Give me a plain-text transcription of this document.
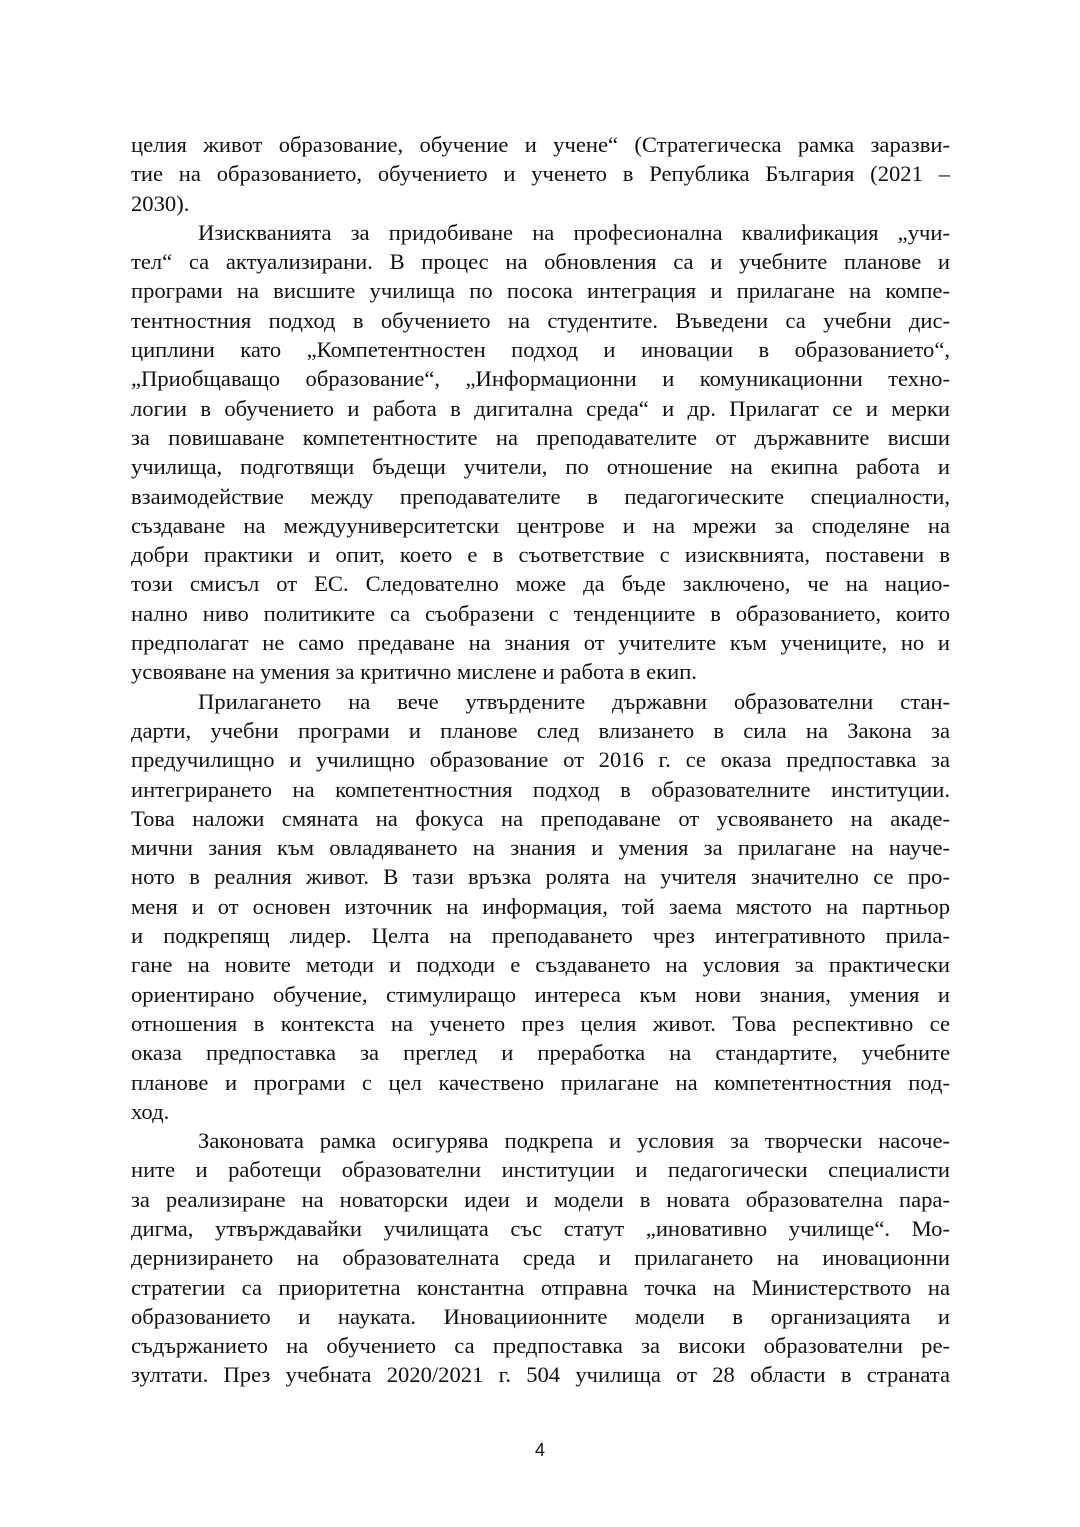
целия живот образование, обучение и учене“ (Стратегическа рамка заразви-
тие на образованието, обучението и ученето в Република България (2021 –
2030).

Изискванията за придобиване на професионална квалификация „учи-
тел“ са актуализирани. В процес на обновления са и учебните планове и
програми на висшите училища по посока интеграция и прилагане на компе-
тентностния подход в обучението на студентите. Въведени са учебни дис-
циплини като „Компетентностен подход и иновации в образованието“,
„Приобщаващо образование“, „Информационни и комуникационни техно-
логии в обучението и работа в дигитална среда“ и др. Прилагат се и мерки
за повишаване компетентностите на преподавателите от държавните висши
училища, подготвящи бъдещи учители, по отношение на екипна работа и
взаимодействие между преподавателите в педагогическите специалности,
създаване на междууниверситетски центрове и на мрежи за споделяне на
добри практики и опит, което е в съответствие с изисквнията, поставени в
този смисъл от ЕС. Следователно може да бъде заключено, че на нацио-
нално ниво политиките са съобразени с тенденциите в образованието, които
предполагат не само предаване на знания от учителите към учениците, но и
усвояване на умения за критично мислене и работа в екип.

Прилагането на вече утвърдените държавни образователни стан-
дарти, учебни програми и планове след влизането в сила на Закона за
предучилищно и училищно образование от 2016 г. се оказа предпоставка за
интегрирането на компетентностния подход в образователните институции.
Това наложи смяната на фокуса на преподаване от усвояването на акаде-
мични зания към овладяването на знания и умения за прилагане на научe-
ното в реалния живот. В тази връзка ролята на учителя значително се про-
меня и от основен източник на информация, той заема мястото на партньор
и подкрепящ лидер. Целта на преподаването чрез интегративното прила-
гане на новите методи и подходи е създаването на условия за практически
ориентирано обучение, стимулиращо интереса към нови знания, умения и
отношения в контекста на ученето през целия живот. Това респективно се
оказа предпоставка за преглед и преработка на стандартите, учебните
планове и програми с цел качествено прилагане на компетентностния под-
ход.

Законовата рамка осигурява подкрепа и условия за творчески насоче-
ните и работещи образователни институции и педагогически специалисти
за реализиране на новаторски идеи и модели в новата образователна пара-
дигма, утвърждавайки училищата със статут „иновативно училище“. Мо-
дернизирането на образователната среда и прилагането на иновационни
стратегии са приоритетна константна отправна точка на Министерството на
образованието и науката. Иновациионните модели в организацията и
съдържанието на обучението са предпоставка за високи образователни ре-
зултати. През учебната 2020/2021 г. 504 училища от 28 области в страната

4
